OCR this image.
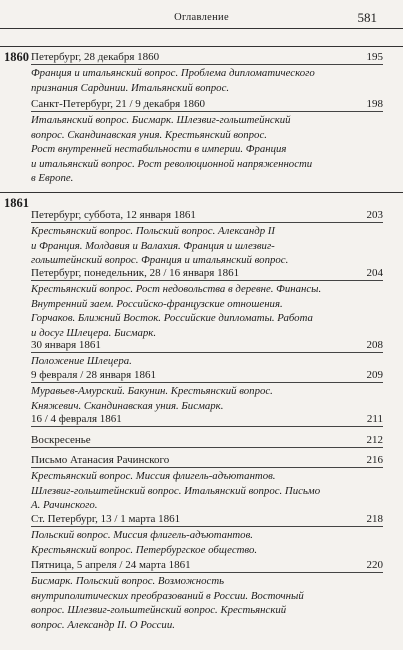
Оглавление	581
1860 Петербург, 28 декабря 1860	195
Франция и итальянский вопрос. Проблема дипломатического
признания Сардинии. Итальянский вопрос.
Санкт-Петербург, 21 / 9 декабря 1860	198
Итальянский вопрос. Бисмарк. Шлезвиг-гольштейнский
вопрос. Скандинавская уния. Крестьянский вопрос.
Рост внутренней нестабильности в империи. Франция
и итальянский вопрос. Рост революционной напряженности
в Европе.
1861
Петербург, суббота, 12 января 1861	203
Крестьянский вопрос. Польский вопрос. Александр II
и Франция. Молдавия и Валахия. Франция и шлезвиг-
гольштейнский вопрос. Франция и итальянский вопрос.
Петербург, понедельник, 28 / 16 января 1861	204
Крестьянский вопрос. Рост недовольства в деревне. Финансы.
Внутренний заем. Российско-французские отношения.
Горчаков. Ближний Восток. Российские дипломаты. Работа
и досуг Шлецера. Бисмарк.
30 января 1861	208
Положение Шлецера.
9 февраля / 28 января 1861	209
Муравьев-Амурский. Бакунин. Крестьянский вопрос.
Княжевич. Скандинавская уния. Бисмарк.
16 / 4 февраля 1861	211
Воскресенье	212
Письмо Атанасия Рачинского	216
Крестьянский вопрос. Миссия флигель-адъютантов.
Шлезвиг-гольштейнский вопрос. Итальянский вопрос. Письмо
А. Рачинского.
Ст. Петербург, 13 / 1 марта 1861	218
Польский вопрос. Миссия флигель-адъютантов.
Крестьянский вопрос. Петербургское общество.
Пятница, 5 апреля / 24 марта 1861	220
Бисмарк. Польский вопрос. Возможность
внутриполитических преобразований в России. Восточный
вопрос. Шлезвиг-гольштейнский вопрос. Крестьянский
вопрос. Александр II. О России.
